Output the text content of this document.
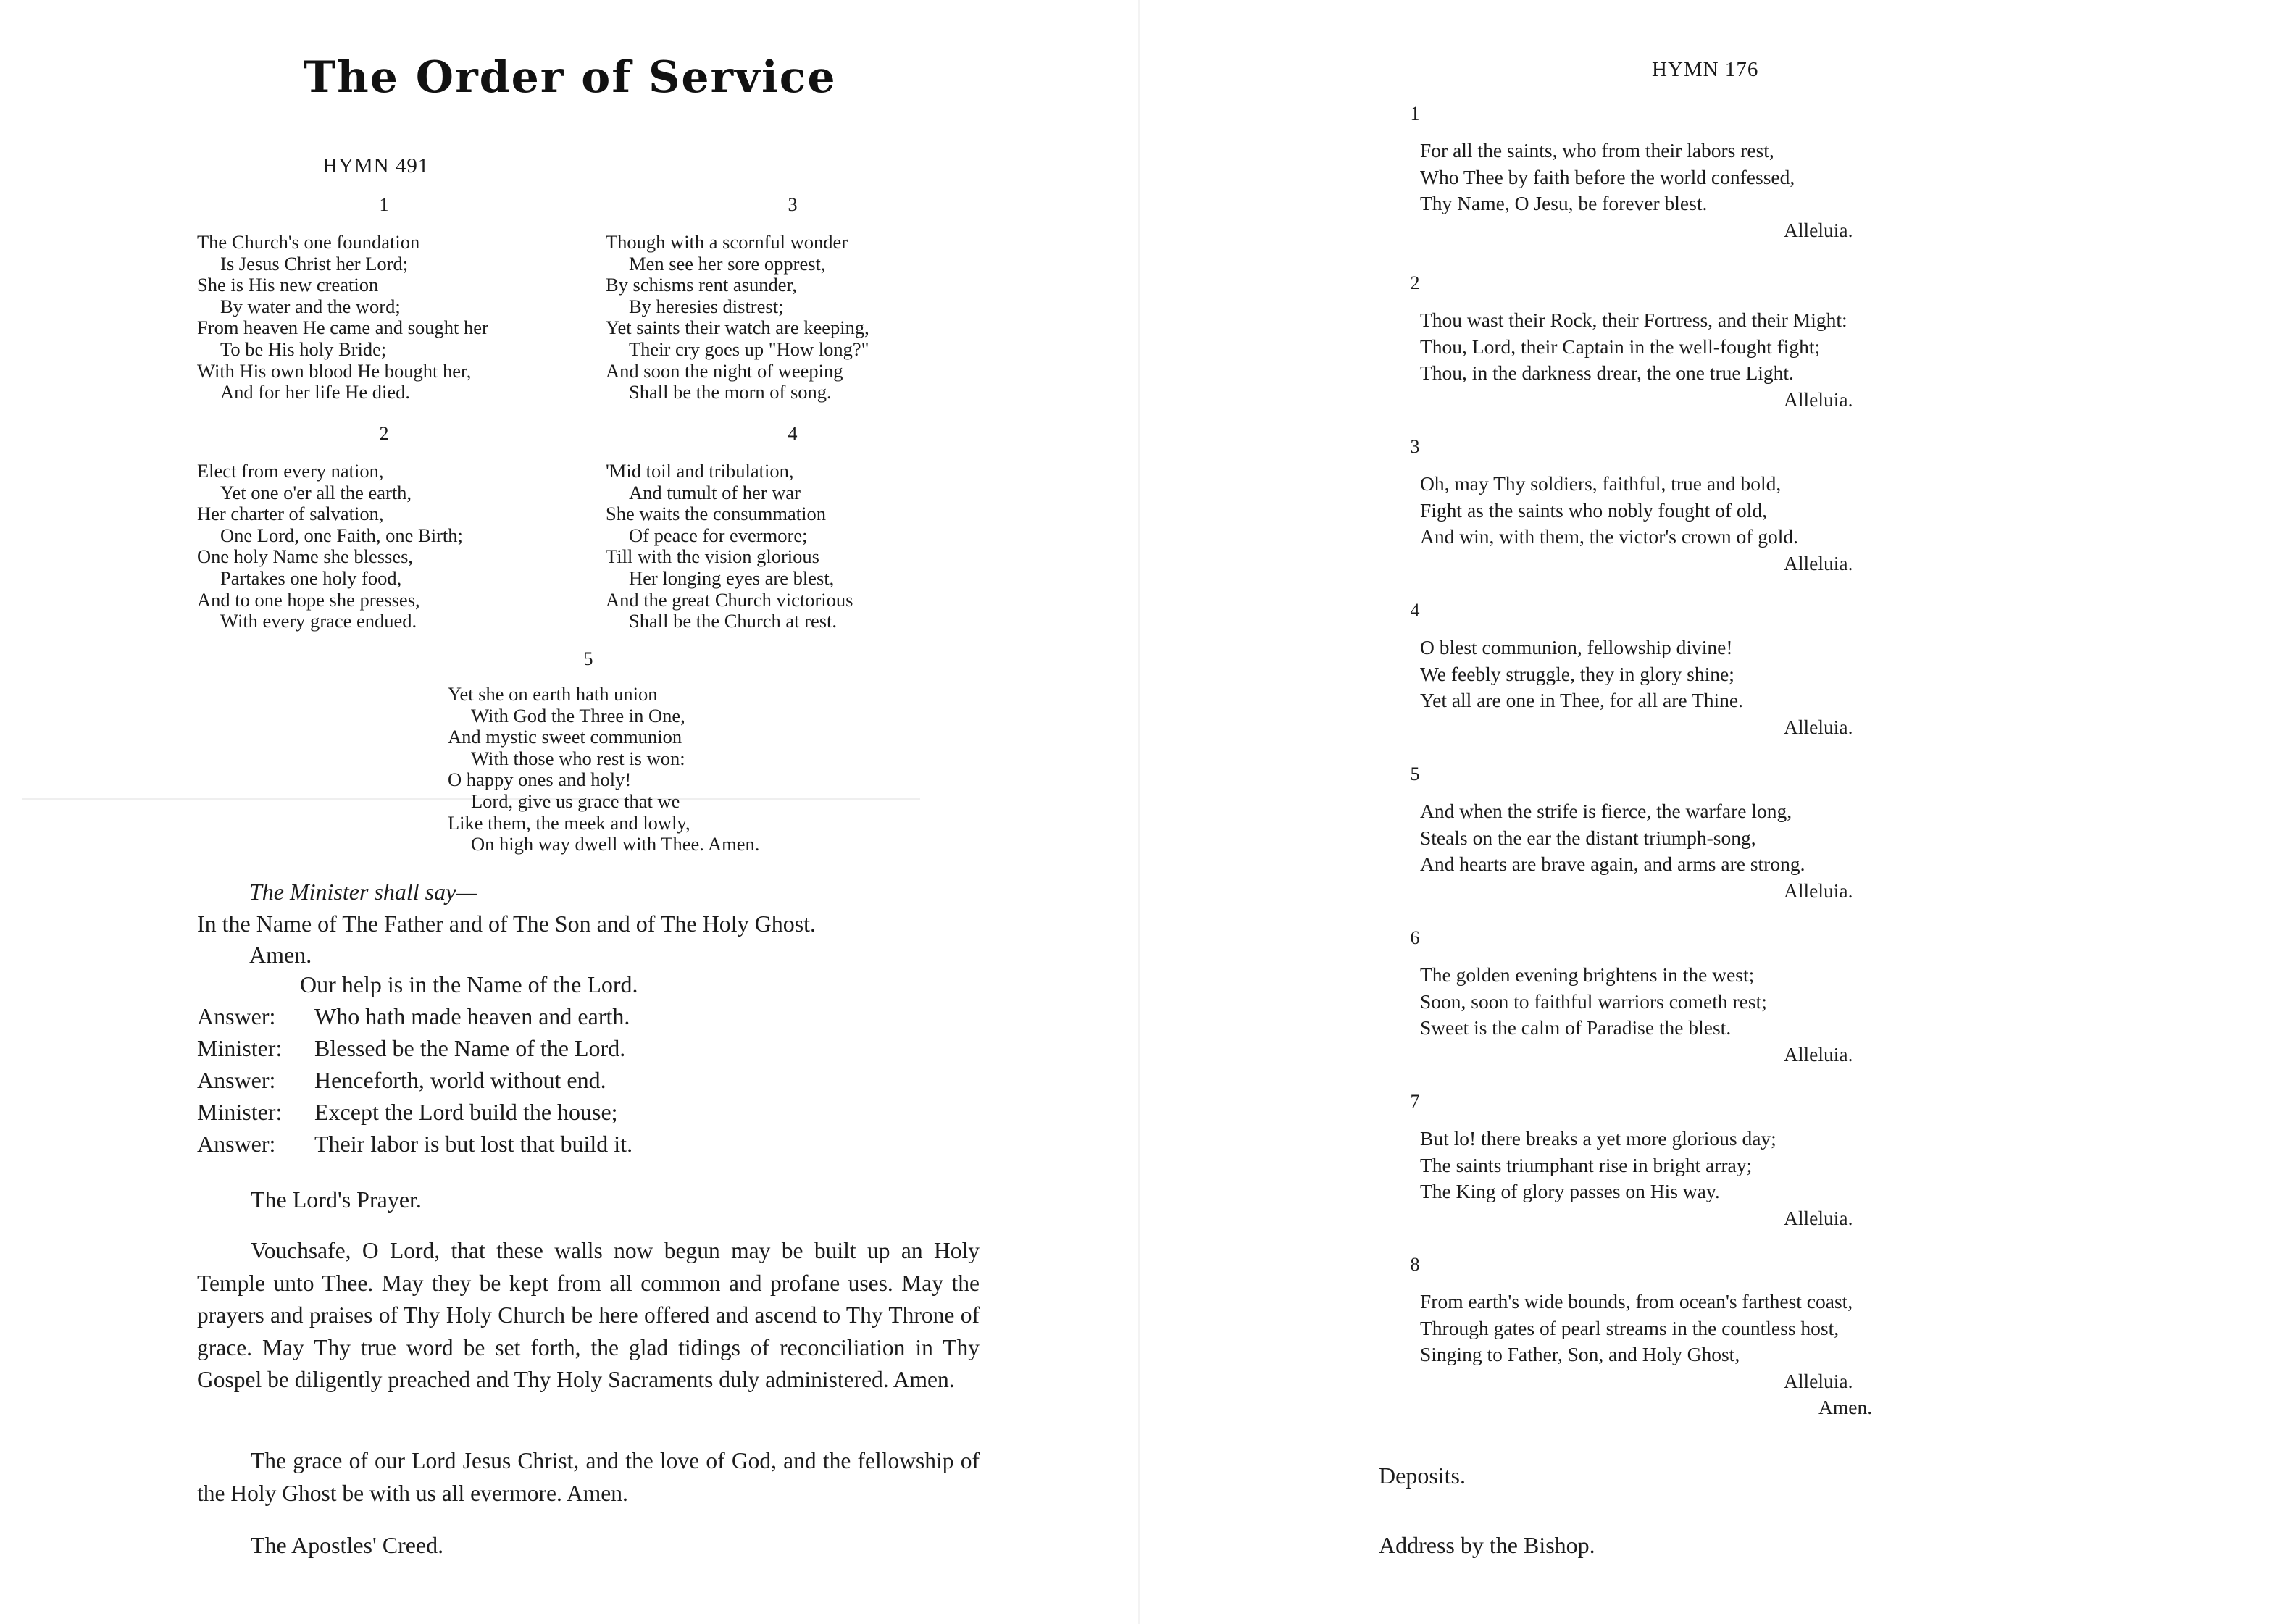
The Order of Service
HYMN 491
1
The Church's one foundation
Is Jesus Christ her Lord;
She is His new creation
By water and the word;
From heaven He came and sought her
To be His holy Bride;
With His own blood He bought her,
And for her life He died.
3
Though with a scornful wonder
Men see her sore opprest,
By schisms rent asunder,
By heresies distrest;
Yet saints their watch are keeping,
Their cry goes up "How long?"
And soon the night of weeping
Shall be the morn of song.
2
Elect from every nation,
Yet one o'er all the earth,
Her charter of salvation,
One Lord, one Faith, one Birth;
One holy Name she blesses,
Partakes one holy food,
And to one hope she presses,
With every grace endued.
4
'Mid toil and tribulation,
And tumult of her war
She waits the consummation
Of peace for evermore;
Till with the vision glorious
Her longing eyes are blest,
And the great Church victorious
Shall be the Church at rest.
5
Yet she on earth hath union
With God the Three in One,
And mystic sweet communion
With those who rest is won:
O happy ones and holy!
Lord, give us grace that we
Like them, the meek and lowly,
On high way dwell with Thee. Amen.
The Minister shall say—
In the Name of The Father and of The Son and of The Holy Ghost.
Amen.
Our help is in the Name of the Lord.
Answer: Who hath made heaven and earth.
Minister: Blessed be the Name of the Lord.
Answer: Henceforth, world without end.
Minister: Except the Lord build the house;
Answer: Their labor is but lost that build it.
The Lord's Prayer.
Vouchsafe, O Lord, that these walls now begun may be built up an Holy Temple unto Thee. May they be kept from all common and profane uses. May the prayers and praises of Thy Holy Church be here offered and ascend to Thy Throne of grace. May Thy true word be set forth, the glad tidings of reconciliation in Thy Gospel be diligently preached and Thy Holy Sacraments duly administered. Amen.
The grace of our Lord Jesus Christ, and the love of God, and the fellowship of the Holy Ghost be with us all evermore. Amen.
The Apostles' Creed.
HYMN 176
1
For all the saints, who from their labors rest,
Who Thee by faith before the world confessed,
Thy Name, O Jesu, be forever blest.
Alleluia.
2
Thou wast their Rock, their Fortress, and their Might:
Thou, Lord, their Captain in the well-fought fight;
Thou, in the darkness drear, the one true Light.
Alleluia.
3
Oh, may Thy soldiers, faithful, true and bold,
Fight as the saints who nobly fought of old,
And win, with them, the victor's crown of gold.
Alleluia.
4
O blest communion, fellowship divine!
We feebly struggle, they in glory shine;
Yet all are one in Thee, for all are Thine.
Alleluia.
5
And when the strife is fierce, the warfare long,
Steals on the ear the distant triumph-song,
And hearts are brave again, and arms are strong.
Alleluia.
6
The golden evening brightens in the west;
Soon, soon to faithful warriors cometh rest;
Sweet is the calm of Paradise the blest.
Alleluia.
7
But lo! there breaks a yet more glorious day;
The saints triumphant rise in bright array;
The King of glory passes on His way.
Alleluia.
8
From earth's wide bounds, from ocean's farthest coast,
Through gates of pearl streams in the countless host,
Singing to Father, Son, and Holy Ghost,
Alleluia.
Amen.
Deposits.
Address by the Bishop.
